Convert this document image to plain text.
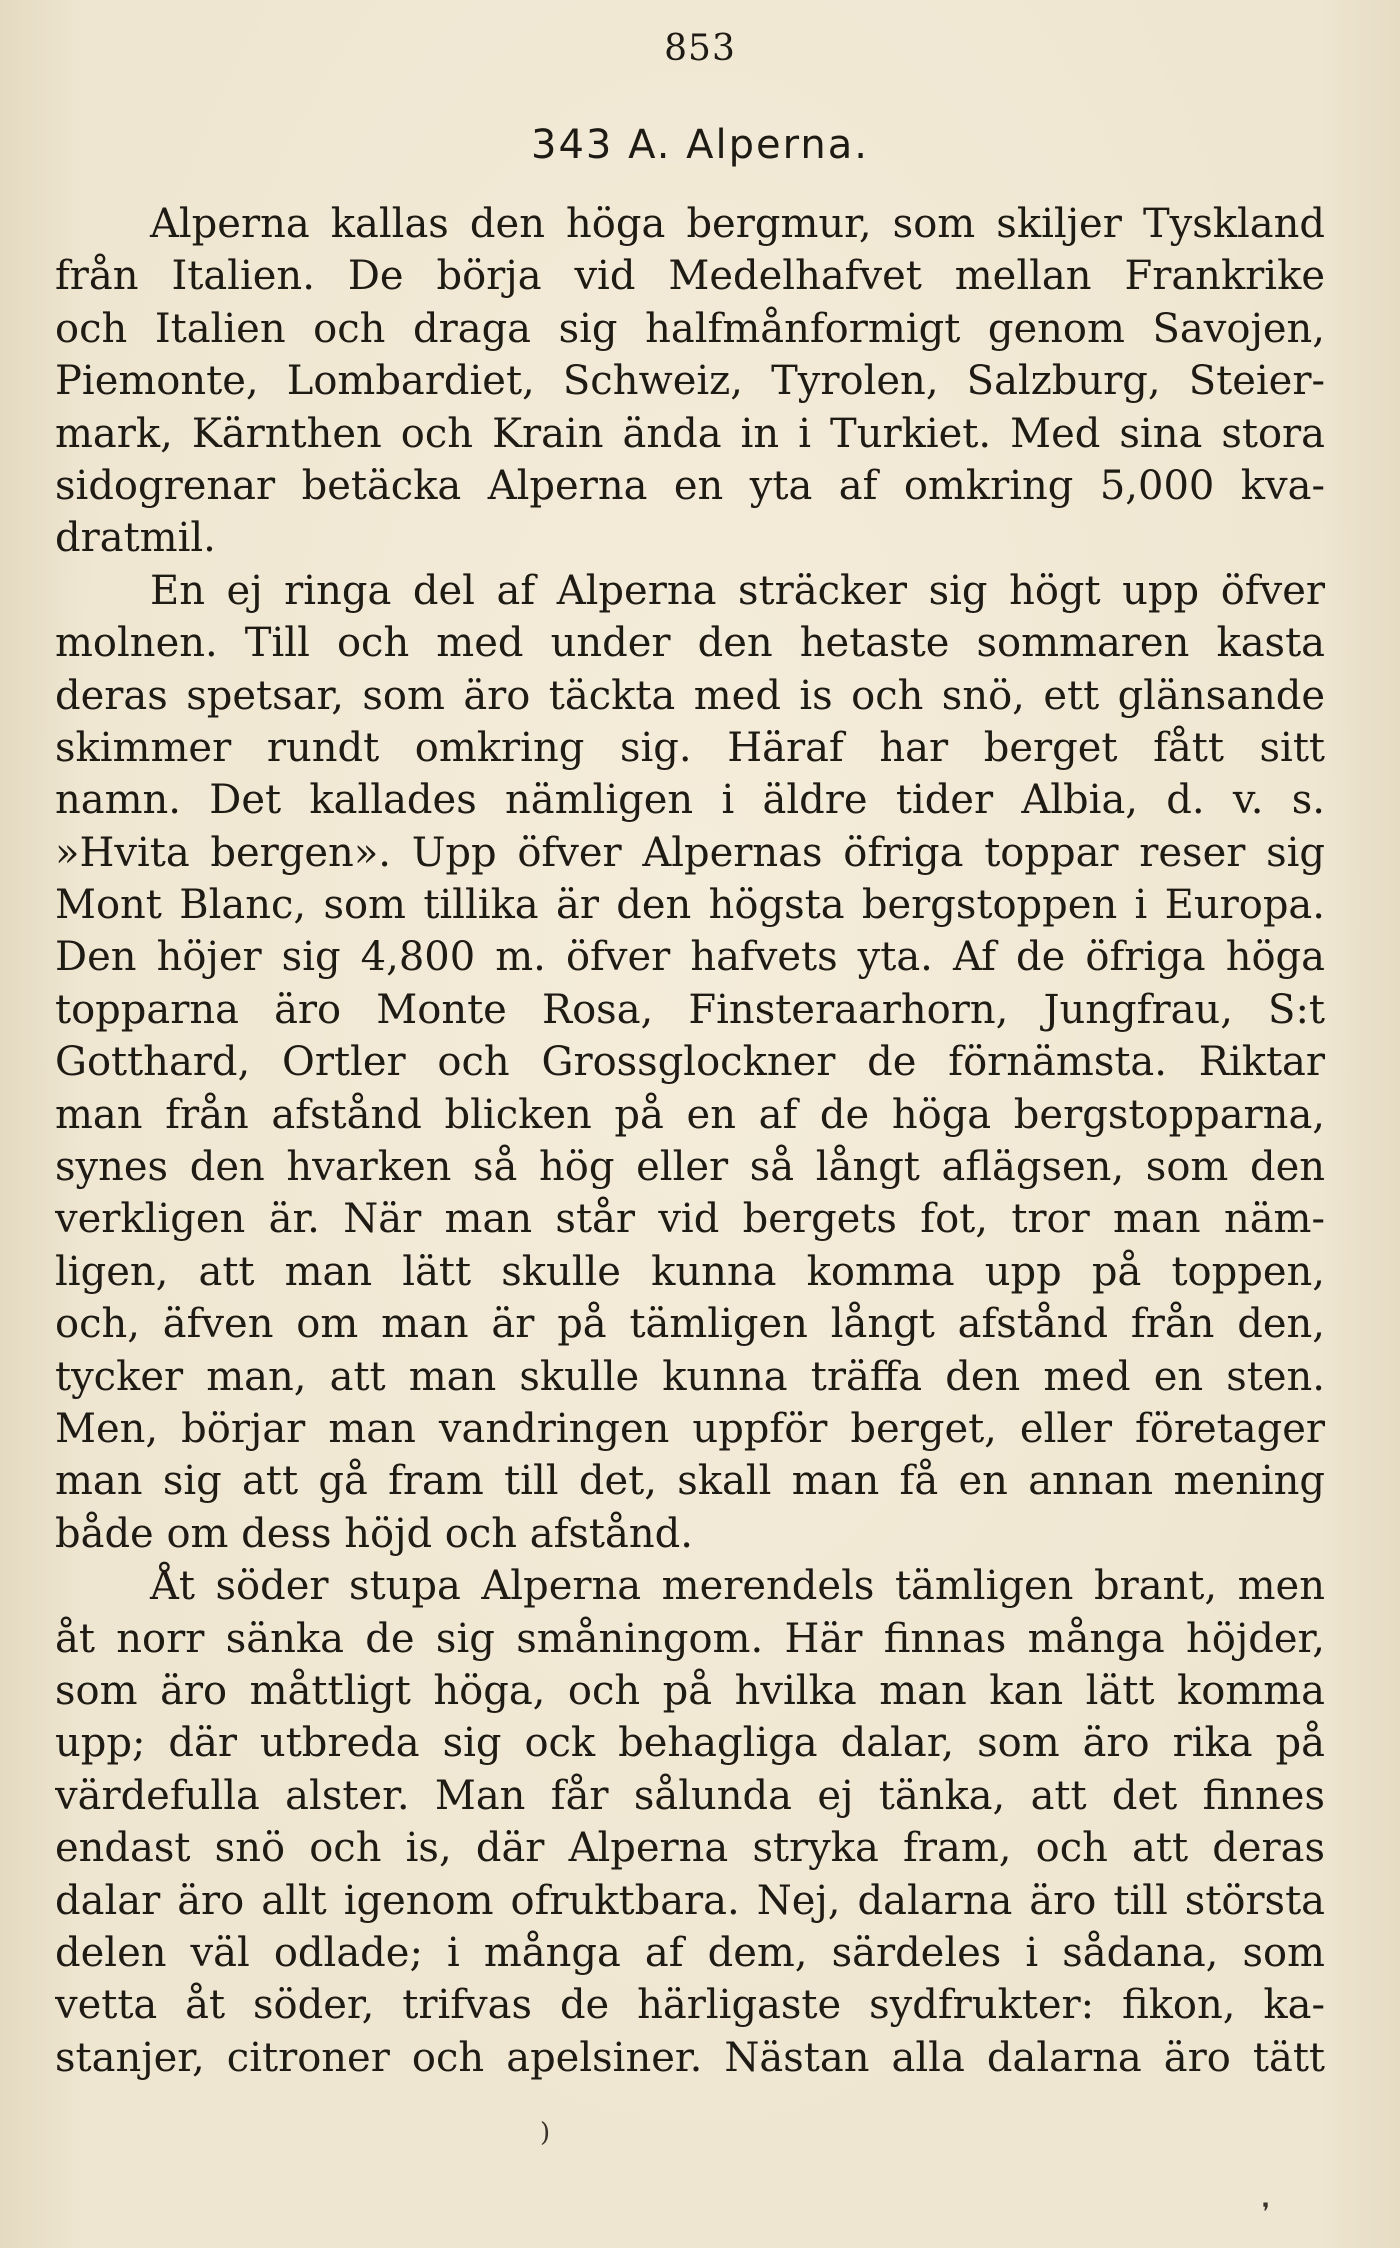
853
343 A. Alperna.
Alperna kallas den höga bergmur, som skiljer Tyskland
från Italien. De börja vid Medelhafvet mellan Frankrike
och Italien och draga sig halfmånformigt genom Savojen,
Piemonte, Lombardiet, Schweiz, Tyrolen, Salzburg, Steier-
mark, Kärnthen och Krain ända in i Turkiet. Med sina stora
sidogrenar betäcka Alperna en yta af omkring 5,000 kva-
dratmil.
En ej ringa del af Alperna sträcker sig högt upp öfver
molnen. Till och med under den hetaste sommaren kasta
deras spetsar, som äro täckta med is och snö, ett glänsande
skimmer rundt omkring sig. Häraf har berget fått sitt
namn. Det kallades nämligen i äldre tider Albia, d. v. s.
»Hvita bergen». Upp öfver Alpernas öfriga toppar reser sig
Mont Blanc, som tillika är den högsta bergstoppen i Europa.
Den höjer sig 4,800 m. öfver hafvets yta. Af de öfriga höga
topparna äro Monte Rosa, Finsteraarhorn, Jungfrau, S:t
Gotthard, Ortler och Grossglockner de förnämsta. Riktar
man från afstånd blicken på en af de höga bergstopparna,
synes den hvarken så hög eller så långt aflägsen, som den
verkligen är. När man står vid bergets fot, tror man näm-
ligen, att man lätt skulle kunna komma upp på toppen,
och, äfven om man är på tämligen långt afstånd från den,
tycker man, att man skulle kunna träffa den med en sten.
Men, börjar man vandringen uppför berget, eller företager
man sig att gå fram till det, skall man få en annan mening
både om dess höjd och afstånd.
Åt söder stupa Alperna merendels tämligen brant, men
åt norr sänka de sig småningom. Här finnas många höjder,
som äro måttligt höga, och på hvilka man kan lätt komma
upp; där utbreda sig ock behagliga dalar, som äro rika på
värdefulla alster. Man får sålunda ej tänka, att det finnes
endast snö och is, där Alperna stryka fram, och att deras
dalar äro allt igenom ofruktbara. Nej, dalarna äro till största
delen väl odlade; i många af dem, särdeles i sådana, som
vetta åt söder, trifvas de härligaste sydfrukter: fikon, ka-
stanjer, citroner och apelsiner. Nästan alla dalarna äro tätt
)
❜
